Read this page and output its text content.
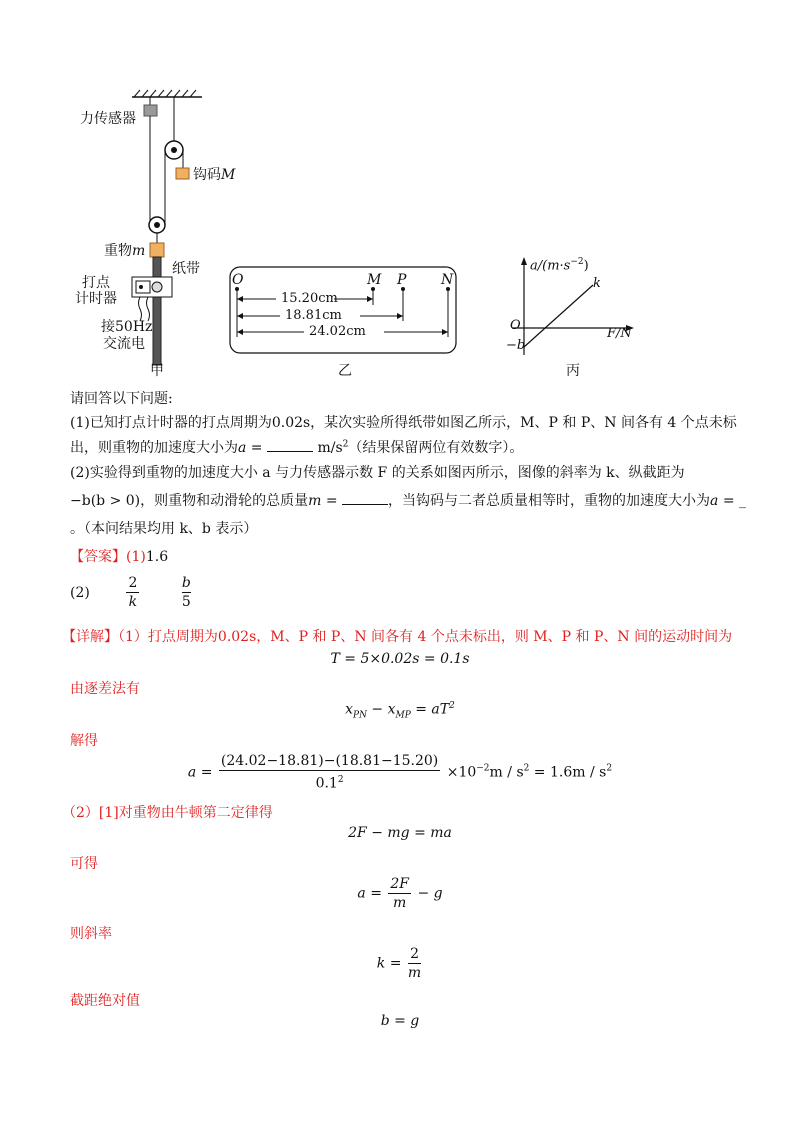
力传感器
钩码M
重物m
纸带
打点
计时器
接50Hz
交流电
甲
O	M P N
15.20cm
18.81cm
24.02cm
乙
$a/(m\cdot s^{-2})$
k
O
F/N
−b
丙
请回答以下问题:
(1)已知打点计时器的打点周期为0.02s，某次实验所得纸带如图乙所示，M、P 和 P、N 间各有 4 个点未标
出，则重物的加速度大小为a =	$m/s^2$（结果保留两位有效数字）。
(2)实验得到重物的加速度大小 a 与力传感器示数 F 的关系如图丙所示，图像的斜率为 k、纵截距为
−b(b > 0)，则重物和动滑轮的总质量m =	，当钩码与二者总质量相等时，重物的加速度大小为a = _
。（本问结果均用 k、b 表示）
【答案】(1)1.6
(2)	$\frac{2}{k}$
	$\frac{b}{5}$
【详解】（1）打点周期为0.02s，M、P 和 P、N 间各有 4 个点未标出，则 M、P 和 P、N 间的运动时间为
T = 5×0.02s = 0.1s
由逐差法有
$x_{PN} - x_{MP} = aT^2$
解得
$a = \frac{(24.02-18.81)-(18.81-15.20)}{0.1^2} \times 10^{-2}m / s^2 = 1.6m / s^2$
（2）[1]对重物由牛顿第二定律得
2F − mg = ma
可得
$a = \frac{2F}{m} - g$
则斜率
$k = \frac{2}{m}$
截距绝对值
b = g
